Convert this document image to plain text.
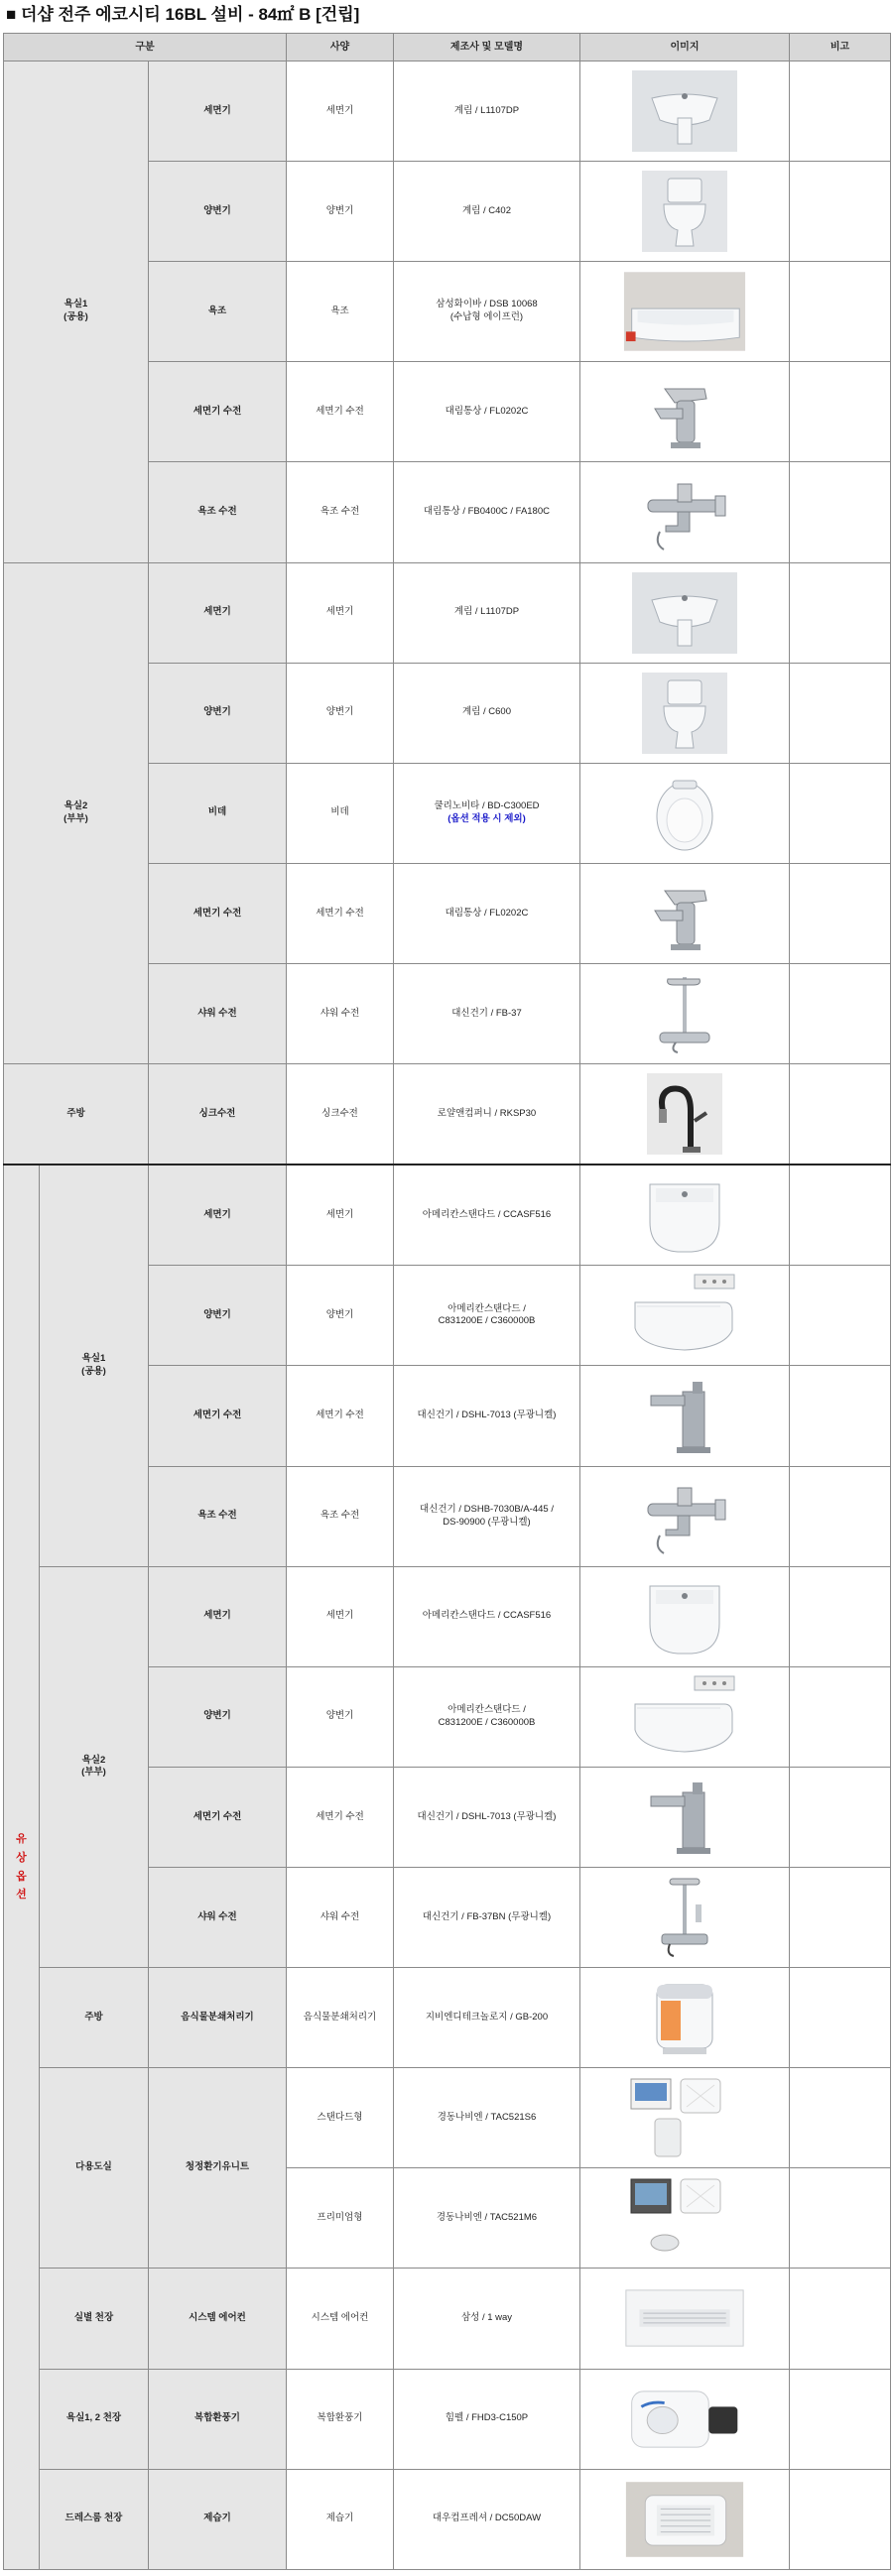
■ 더샵 전주 에코시티 16BL 설비 - 84㎡ B [건립]
구분			사양	제조사 및 모델명	이미지	비고
욕실1
(공용)		세면기	세면기	계림 / L1107DP	

		양변기	양변기	계림 / C402	

		욕조	욕조	삼성화이바 / DSB 10068
(수납형 에이프런)	

		세면기 수전	세면기 수전	대림통상 / FL0202C	

		욕조 수전	욕조 수전	대림통상 / FB0400C / FA180C	

욕실2
(부부)		세면기	세면기	계림 / L1107DP	

		양변기	양변기	계림 / C600	

		비데	비데	쿨리노비타 / BD-C300ED
(옵션 적용 시 제외)	

		세면기 수전	세면기 수전	대림통상 / FL0202C	

		샤워 수전	샤워 수전	대신건기 / FB-37	

주방		싱크수전	싱크수전	로얄앤컴퍼니 / RKSP30	

유
상
옵
션	욕실1
(공용)	세면기	세면기	아메리칸스탠다드 / CCASF516	

		양변기	양변기	아메리칸스탠다드 /
C831200E / C360000B	

		세면기 수전	세면기 수전	대신건기 / DSHL-7013 (무광니켈)	

		욕조 수전	욕조 수전	대신건기 / DSHB-7030B/A-445 /
DS-90900 (무광니켈)	

	욕실2
(부부)	세면기	세면기	아메리칸스탠다드 / CCASF516	

		양변기	양변기	아메리칸스탠다드 /
C831200E / C360000B	

		세면기 수전	세면기 수전	대신건기 / DSHL-7013 (무광니켈)	

		샤워 수전	샤워 수전	대신건기 / FB-37BN (무광니켈)	

	주방	음식물분쇄처리기	음식물분쇄처리기	지비엔디테크놀로지 / GB-200	

	다용도실	청정환기유니트	스탠다드형	경동나비엔 / TAC521S6	

			프리미엄형	경동나비엔 / TAC521M6	

	실별 천장	시스템 에어컨	시스템 에어컨	삼성 / 1 way	

	욕실1, 2 천장	복합환풍기	복합환풍기	힘펠 / FHD3-C150P	

	드레스룸 천장	제습기	제습기	대우컴프레셔 / DC50DAW	
